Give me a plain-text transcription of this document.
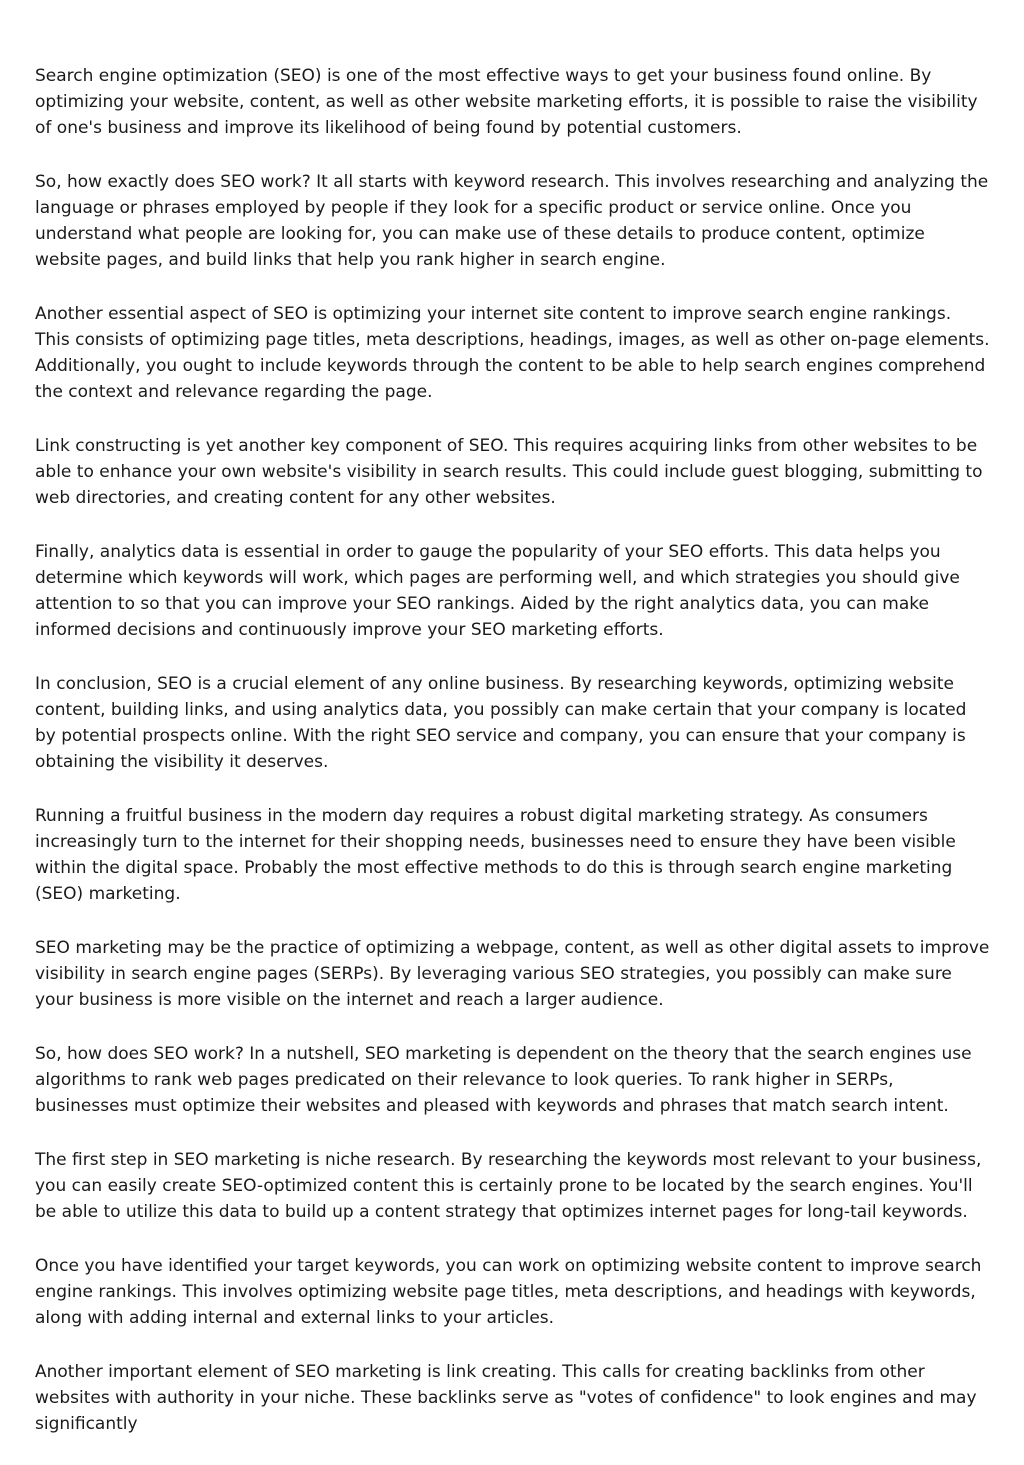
Search engine optimization (SEO) is one of the most effective ways to get your business found online. By optimizing your website, content, as well as other website marketing efforts, it is possible to raise the visibility of one's business and improve its likelihood of being found by potential customers.

So, how exactly does SEO work? It all starts with keyword research. This involves researching and analyzing the language or phrases employed by people if they look for a specific product or service online. Once you understand what people are looking for, you can make use of these details to produce content, optimize website pages, and build links that help you rank higher in search engine.

Another essential aspect of SEO is optimizing your internet site content to improve search engine rankings. This consists of optimizing page titles, meta descriptions, headings, images, as well as other on-page elements. Additionally, you ought to include keywords through the content to be able to help search engines comprehend the context and relevance regarding the page.

Link constructing is yet another key component of SEO. This requires acquiring links from other websites to be able to enhance your own website's visibility in search results. This could include guest blogging, submitting to web directories, and creating content for any other websites.

Finally, analytics data is essential in order to gauge the popularity of your SEO efforts. This data helps you determine which keywords will work, which pages are performing well, and which strategies you should give attention to so that you can improve your SEO rankings. Aided by the right analytics data, you can make informed decisions and continuously improve your SEO marketing efforts.

In conclusion, SEO is a crucial element of any online business. By researching keywords, optimizing website content, building links, and using analytics data, you possibly can make certain that your company is located by potential prospects online. With the right SEO service and company, you can ensure that your company is obtaining the visibility it deserves.

Running a fruitful business in the modern day requires a robust digital marketing strategy. As consumers increasingly turn to the internet for their shopping needs, businesses need to ensure they have been visible within the digital space. Probably the most effective methods to do this is through search engine marketing (SEO) marketing.

SEO marketing may be the practice of optimizing a webpage, content, as well as other digital assets to improve visibility in search engine pages (SERPs). By leveraging various SEO strategies, you possibly can make sure your business is more visible on the internet and reach a larger audience.

So, how does SEO work? In a nutshell, SEO marketing is dependent on the theory that the search engines use algorithms to rank web pages predicated on their relevance to look queries. To rank higher in SERPs, businesses must optimize their websites and pleased with keywords and phrases that match search intent.

The first step in SEO marketing is niche research. By researching the keywords most relevant to your business, you can easily create SEO-optimized content this is certainly prone to be located by the search engines. You'll be able to utilize this data to build up a content strategy that optimizes internet pages for long-tail keywords.

Once you have identified your target keywords, you can work on optimizing website content to improve search engine rankings. This involves optimizing website page titles, meta descriptions, and headings with keywords, along with adding internal and external links to your articles.

Another important element of SEO marketing is link creating. This calls for creating backlinks from other websites with authority in your niche. These backlinks serve as "votes of confidence" to look engines and may significantly
